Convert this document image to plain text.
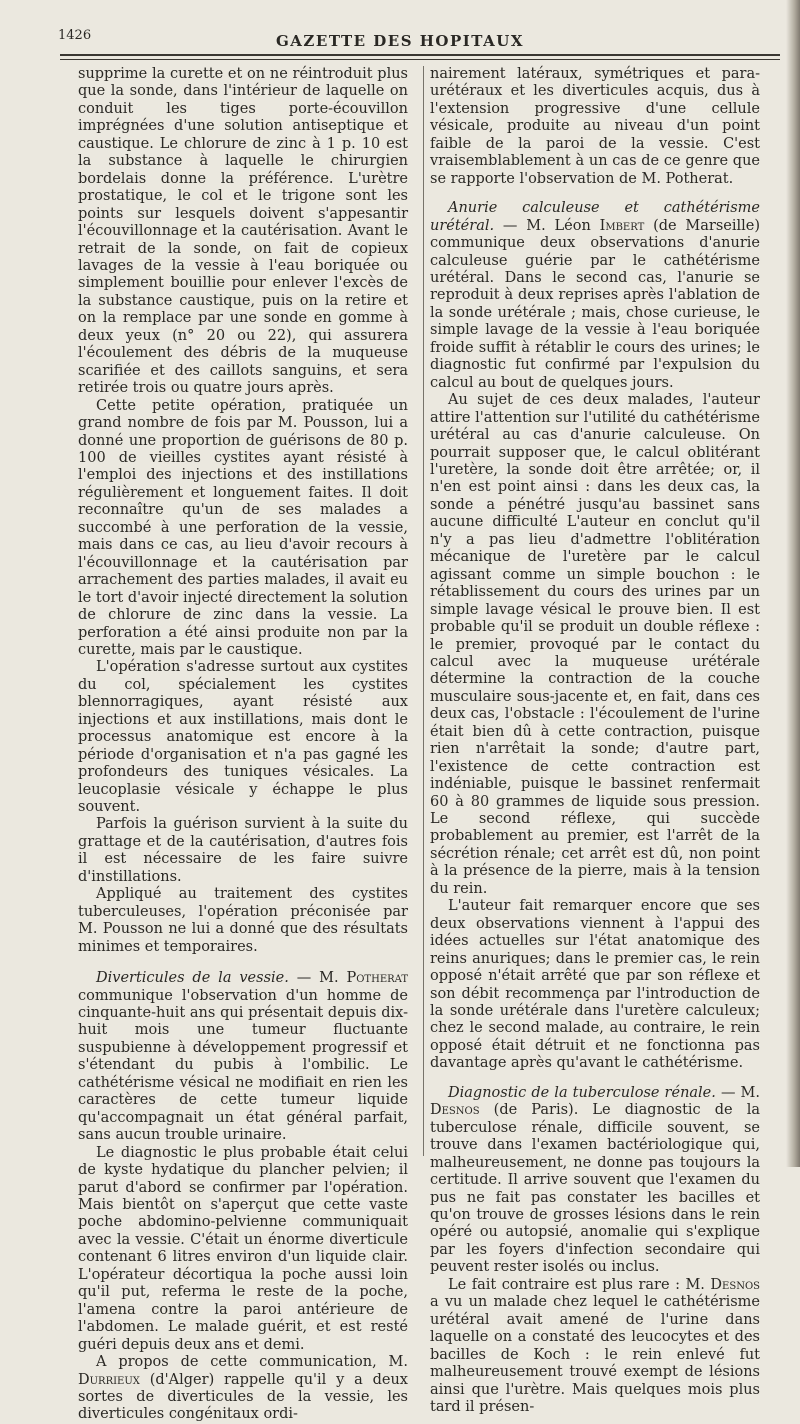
1426	GAZETTE DES HOPITAUX

supprime la curette et on ne réintroduit plus que la sonde, dans l'intérieur de laquelle on conduit les tiges porte-écouvillon imprégnées d'une solution antiseptique et caustique. Le chlorure de zinc à 1 p. 10 est la substance à laquelle le chirurgien bordelais donne la préférence. L'urètre prostatique, le col et le trigone sont les points sur lesquels doivent s'appesantir l'écouvillonnage et la cautérisation. Avant le retrait de la sonde, on fait de copieux lavages de la vessie à l'eau boriquée ou simplement bouillie pour enlever l'excès de la substance caustique, puis on la retire et on la remplace par une sonde en gomme à deux yeux (n° 20 ou 22), qui assurera l'écoulement des débris de la muqueuse scarifiée et des caillots sanguins, et sera retirée trois ou quatre jours après.

Cette petite opération, pratiquée un grand nombre de fois par M. Pousson, lui a donné une proportion de guérisons de 80 p. 100 de vieilles cystites ayant résisté à l'emploi des injections et des instillations régulièrement et longuement faites. Il doit reconnaître qu'un de ses malades a succombé à une perforation de la vessie, mais dans ce cas, au lieu d'avoir recours à l'écouvillonnage et la cautérisation par arrachement des parties malades, il avait eu le tort d'avoir injecté directement la solution de chlorure de zinc dans la vessie. La perforation a été ainsi produite non par la curette, mais par le caustique.

L'opération s'adresse surtout aux cystites du col, spécialement les cystites blennorragiques, ayant résisté aux injections et aux instillations, mais dont le processus anatomique est encore à la période d'organisation et n'a pas gagné les profondeurs des tuniques vésicales. La leucoplasie vésicale y échappe le plus souvent.

Parfois la guérison survient à la suite du grattage et de la cautérisation, d'autres fois il est nécessaire de les faire suivre d'instillations.

Appliqué au traitement des cystites tuberculeuses, l'opération préconisée par M. Pousson ne lui a donné que des résultats minimes et temporaires.

Diverticules de la vessie. — M. Potherat communique l'observation d'un homme de cinquante-huit ans qui présentait depuis dix-huit mois une tumeur fluctuante suspubienne à développement progressif et s'étendant du pubis à l'ombilic. Le cathétérisme vésical ne modifiait en rien les caractères de cette tumeur liquide qu'accompagnait un état général parfait, sans aucun trouble urinaire.

Le diagnostic le plus probable était celui de kyste hydatique du plancher pelvien; il parut d'abord se confirmer par l'opération. Mais bientôt on s'aperçut que cette vaste poche abdomino-pelvienne communiquait avec la vessie. C'était un énorme diverticule contenant 6 litres environ d'un liquide clair. L'opérateur décortiqua la poche aussi loin qu'il put, referma le reste de la poche, l'amena contre la paroi antérieure de l'abdomen. Le malade guérit, et est resté guéri depuis deux ans et demi.

A propos de cette communication, M. Durrieux (d'Alger) rappelle qu'il y a deux sortes de diverticules de la vessie, les diverticules congénitaux ordi-

nairement latéraux, symétriques et para-urétéraux et les diverticules acquis, dus à l'extension progressive d'une cellule vésicale, produite au niveau d'un point faible de la paroi de la vessie. C'est vraisemblablement à un cas de ce genre que se rapporte l'observation de M. Potherat.

Anurie calculeuse et cathétérisme urétéral. — M. Léon Imbert (de Marseille) communique deux observations d'anurie calculeuse guérie par le cathétérisme urétéral. Dans le second cas, l'anurie se reproduit à deux reprises après l'ablation de la sonde urétérale ; mais, chose curieuse, le simple lavage de la vessie à l'eau boriquée froide suffit à rétablir le cours des urines; le diagnostic fut confirmé par l'expulsion du calcul au bout de quelques jours.

Au sujet de ces deux malades, l'auteur attire l'attention sur l'utilité du cathétérisme urétéral au cas d'anurie calculeuse. On pourrait supposer que, le calcul oblitérant l'uretère, la sonde doit être arrêtée; or, il n'en est point ainsi : dans les deux cas, la sonde a pénétré jusqu'au bassinet sans aucune difficulté L'auteur en conclut qu'il n'y a pas lieu d'admettre l'oblitération mécanique de l'uretère par le calcul agissant comme un simple bouchon : le rétablissement du cours des urines par un simple lavage vésical le prouve bien. Il est probable qu'il se produit un double réflexe : le premier, provoqué par le contact du calcul avec la muqueuse urétérale détermine la contraction de la couche musculaire sous-jacente et, en fait, dans ces deux cas, l'obstacle : l'écoulement de l'urine était bien dû à cette contraction, puisque rien n'arrêtait la sonde; d'autre part, l'existence de cette contraction est indéniable, puisque le bassinet renfermait 60 à 80 grammes de liquide sous pression. Le second réflexe, qui succède probablement au premier, est l'arrêt de la sécrétion rénale; cet arrêt est dû, non point à la présence de la pierre, mais à la tension du rein.

L'auteur fait remarquer encore que ses deux observations viennent à l'appui des idées actuelles sur l'état anatomique des reins anuriques; dans le premier cas, le rein opposé n'était arrêté que par son réflexe et son débit recommença par l'introduction de la sonde urétérale dans l'uretère calculeux; chez le second malade, au contraire, le rein opposé était détruit et ne fonctionna pas davantage après qu'avant le cathétérisme.

Diagnostic de la tuberculose rénale. — M. Desnos (de Paris). Le diagnostic de la tuberculose rénale, difficile souvent, se trouve dans l'examen bactériologique qui, malheureusement, ne donne pas toujours la certitude. Il arrive souvent que l'examen du pus ne fait pas constater les bacilles et qu'on trouve de grosses lésions dans le rein opéré ou autopsié, anomalie qui s'explique par les foyers d'infection secondaire qui peuvent rester isolés ou inclus.

Le fait contraire est plus rare : M. Desnos a vu un malade chez lequel le cathétérisme urétéral avait amené de l'urine dans laquelle on a constaté des leucocytes et des bacilles de Koch : le rein enlevé fut malheureusement trouvé exempt de lésions ainsi que l'urètre. Mais quelques mois plus tard il présen-
